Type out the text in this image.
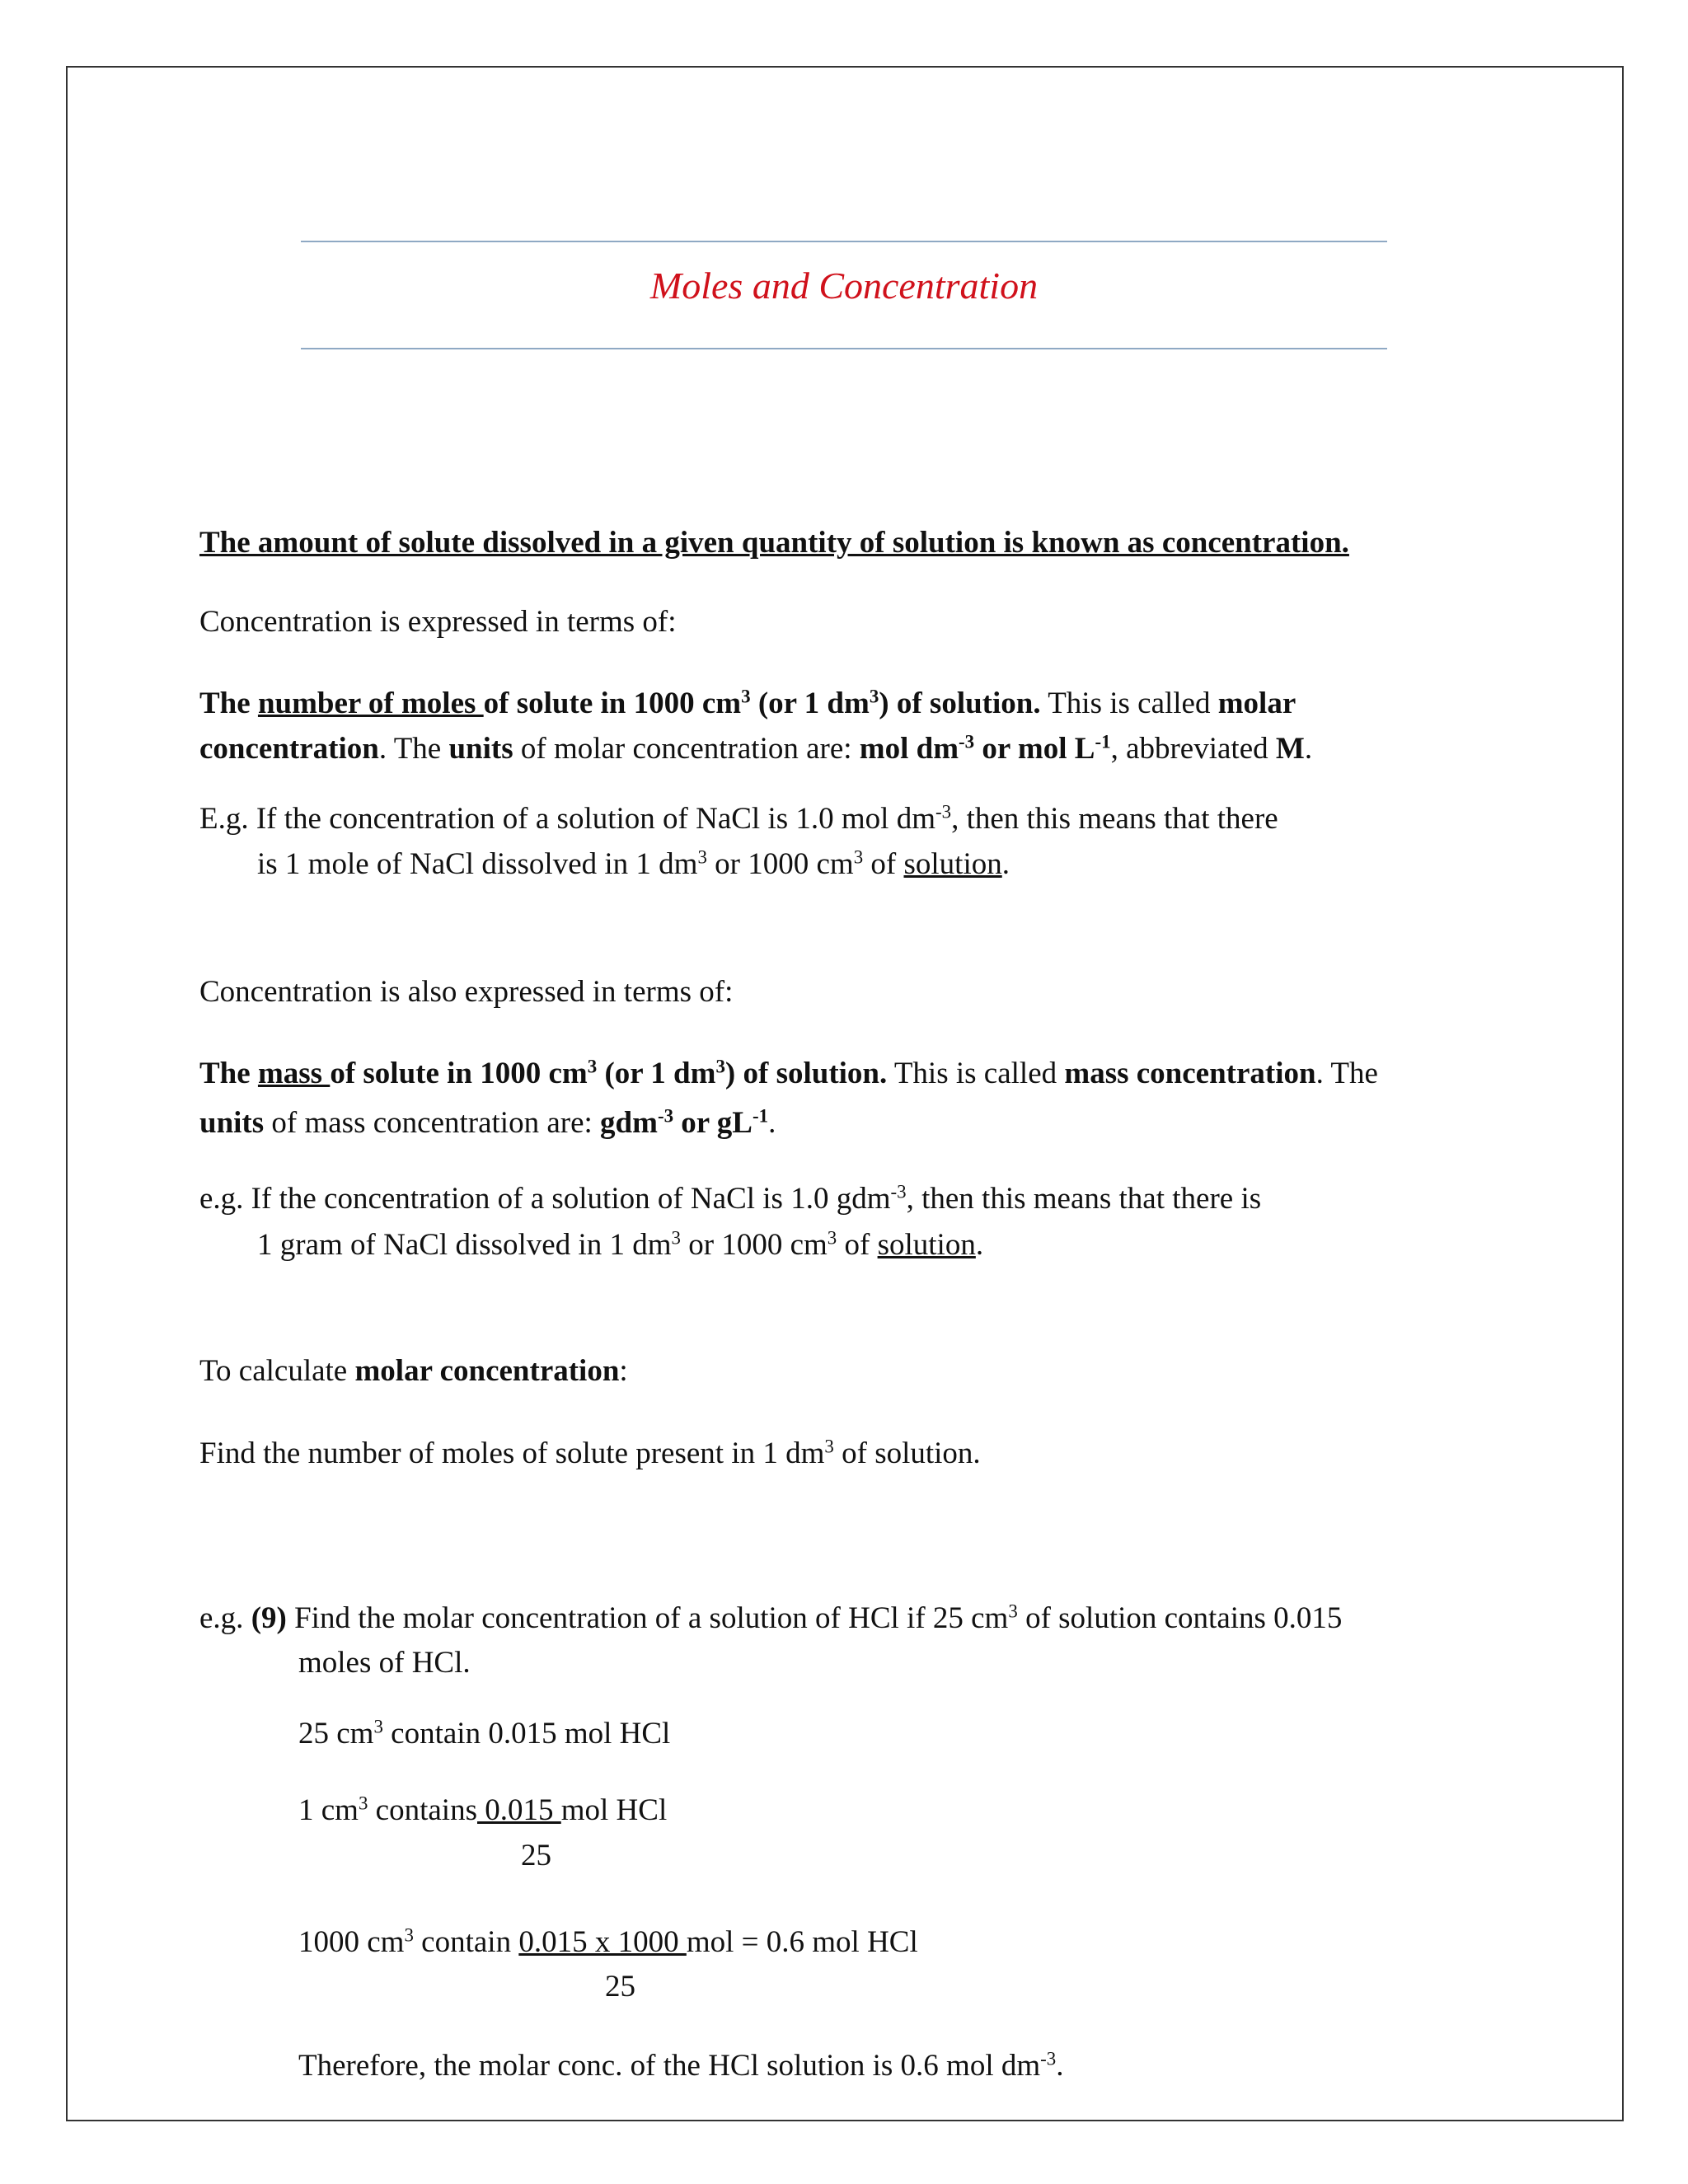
Moles and Concentration
The amount of solute dissolved in a given quantity of solution is known as concentration.
Concentration is expressed in terms of:
The number of moles of solute in 1000 $cm^3$ (or 1 $dm^3$) of solution. This is called molar
concentration. The units of molar concentration are: mol $dm^{-3}$ or mol $L^{-1}$, abbreviated M.
E.g. If the concentration of a solution of NaCl is 1.0 mol $dm^{-3}$, then this means that there
is 1 mole of NaCl dissolved in 1 $dm^3$ or 1000 $cm^3$ of solution.
Concentration is also expressed in terms of:
The mass of solute in 1000 $cm^3$ (or 1 $dm^3$) of solution. This is called mass concentration. The
units of mass concentration are: gdm$^{-3}$ or $gL^{-1}$.
e.g. If the concentration of a solution of NaCl is 1.0 gdm$^{-3}$, then this means that there is
1 gram of NaCl dissolved in 1 $dm^3$ or 1000 $cm^3$ of solution.
To calculate molar concentration:
Find the number of moles of solute present in 1 $dm^3$ of solution.
e.g. (9) Find the molar concentration of a solution of HCl if 25 $cm^3$ of solution contains 0.015
moles of HCl.
25 $cm^3$ contain 0.015 mol HCl
1 $cm^3$ contains 0.015 mol HCl
25
1000 $cm^3$ contain 0.015 x 1000 mol = 0.6 mol HCl
25
Therefore, the molar conc. of the HCl solution is 0.6 mol $dm^{-3}$.
